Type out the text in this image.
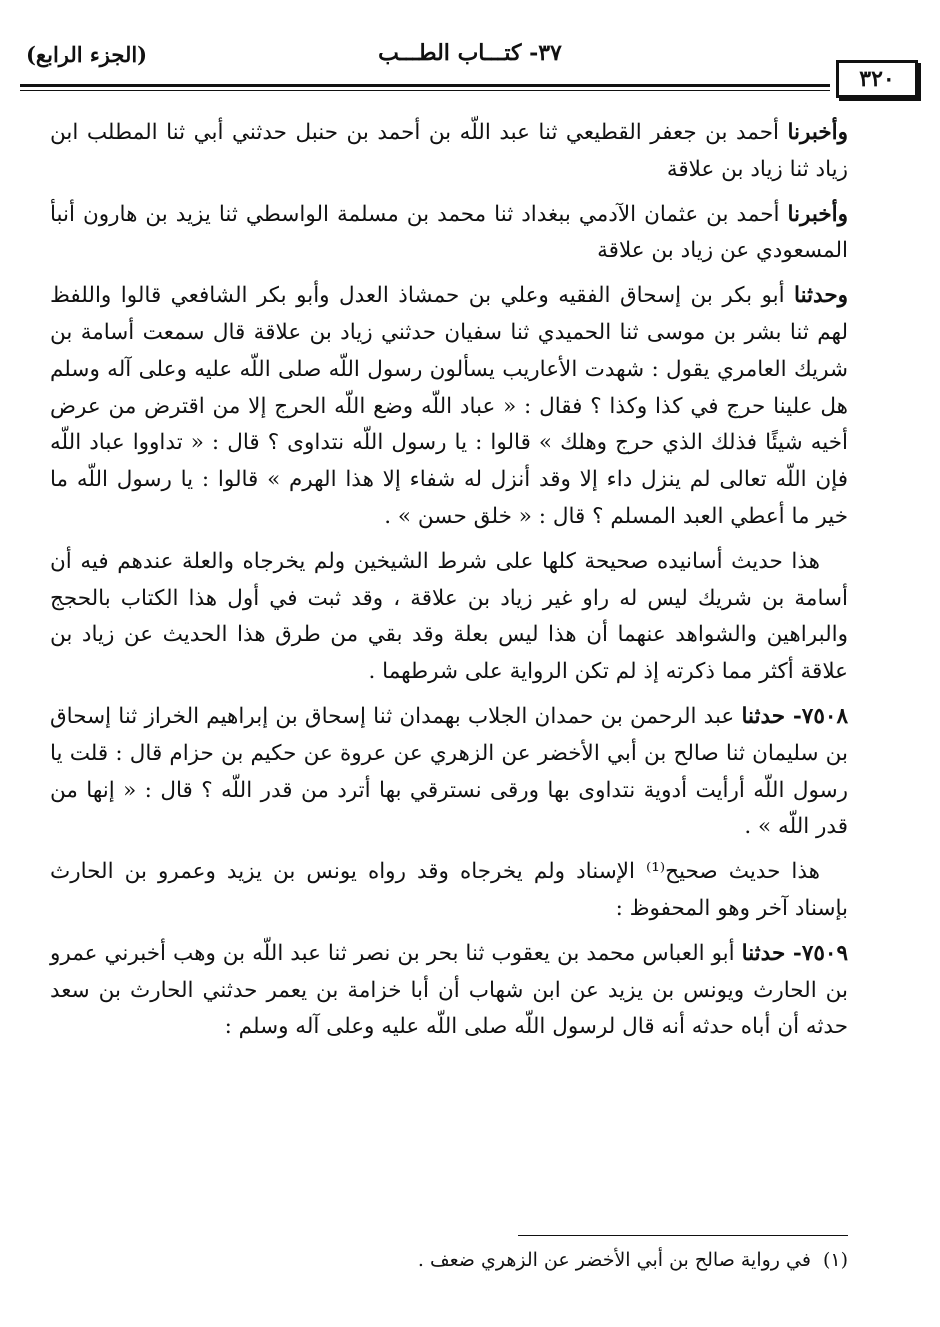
(الجزء الرابع)	٣٧- كتـــاب الطـــب
٣٢٠

وأخبرنا أحمد بن جعفر القطيعي ثنا عبد اللّه بن أحمد بن حنبل حدثني أبي ثنا المطلب ابن زياد ثنا زياد بن علاقة

وأخبرنا أحمد بن عثمان الآدمي ببغداد ثنا محمد بن مسلمة الواسطي ثنا يزيد بن هارون أنبأ المسعودي عن زياد بن علاقة

وحدثنا أبو بكر بن إسحاق الفقيه وعلي بن حمشاذ العدل وأبو بكر الشافعي قالوا واللفظ لهم ثنا بشر بن موسى ثنا الحميدي ثنا سفيان حدثني زياد بن علاقة قال سمعت أسامة بن شريك العامري يقول : شهدت الأعاريب يسألون رسول اللّه صلى اللّه عليه وعلى آله وسلم هل علينا حرج في كذا وكذا ؟ فقال : « عباد اللّه وضع اللّه الحرج إلا من اقترض من عرض أخيه شيئًا فذلك الذي حرج وهلك » قالوا : يا رسول اللّه نتداوى ؟ قال : « تداووا عباد اللّه فإن اللّه تعالى لم ينزل داء إلا وقد أنزل له شفاء إلا هذا الهرم » قالوا : يا رسول اللّه ما خير ما أعطي العبد المسلم ؟ قال : « خلق حسن » .

هذا حديث أسانيده صحيحة كلها على شرط الشيخين ولم يخرجاه والعلة عندهم فيه أن أسامة بن شريك ليس له راو غير زياد بن علاقة ، وقد ثبت في أول هذا الكتاب بالحجج والبراهين والشواهد عنهما أن هذا ليس بعلة وقد بقي من طرق هذا الحديث عن زياد بن علاقة أكثر مما ذكرته إذ لم تكن الرواية على شرطهما .

٧٥٠٨- حدثنا عبد الرحمن بن حمدان الجلاب بهمدان ثنا إسحاق بن إبراهيم الخراز ثنا إسحاق بن سليمان ثنا صالح بن أبي الأخضر عن الزهري عن عروة عن حكيم بن حزام قال : قلت يا رسول اللّه أرأيت أدوية نتداوى بها ورقى نسترقي بها أترد من قدر اللّه ؟ قال : « إنها من قدر اللّه » .

هذا حديث صحيح⁽¹⁾ الإسناد ولم يخرجاه وقد رواه يونس بن يزيد وعمرو بن الحارث بإسناد آخر وهو المحفوظ :

٧٥٠٩- حدثنا أبو العباس محمد بن يعقوب ثنا بحر بن نصر ثنا عبد اللّه بن وهب أخبرني عمرو بن الحارث ويونس بن يزيد عن ابن شهاب أن أبا خزامة بن يعمر حدثني الحارث بن سعد حدثه أن أباه حدثه أنه قال لرسول اللّه صلى اللّه عليه وعلى آله وسلم :

(١)في رواية صالح بن أبي الأخضر عن الزهري ضعف .
